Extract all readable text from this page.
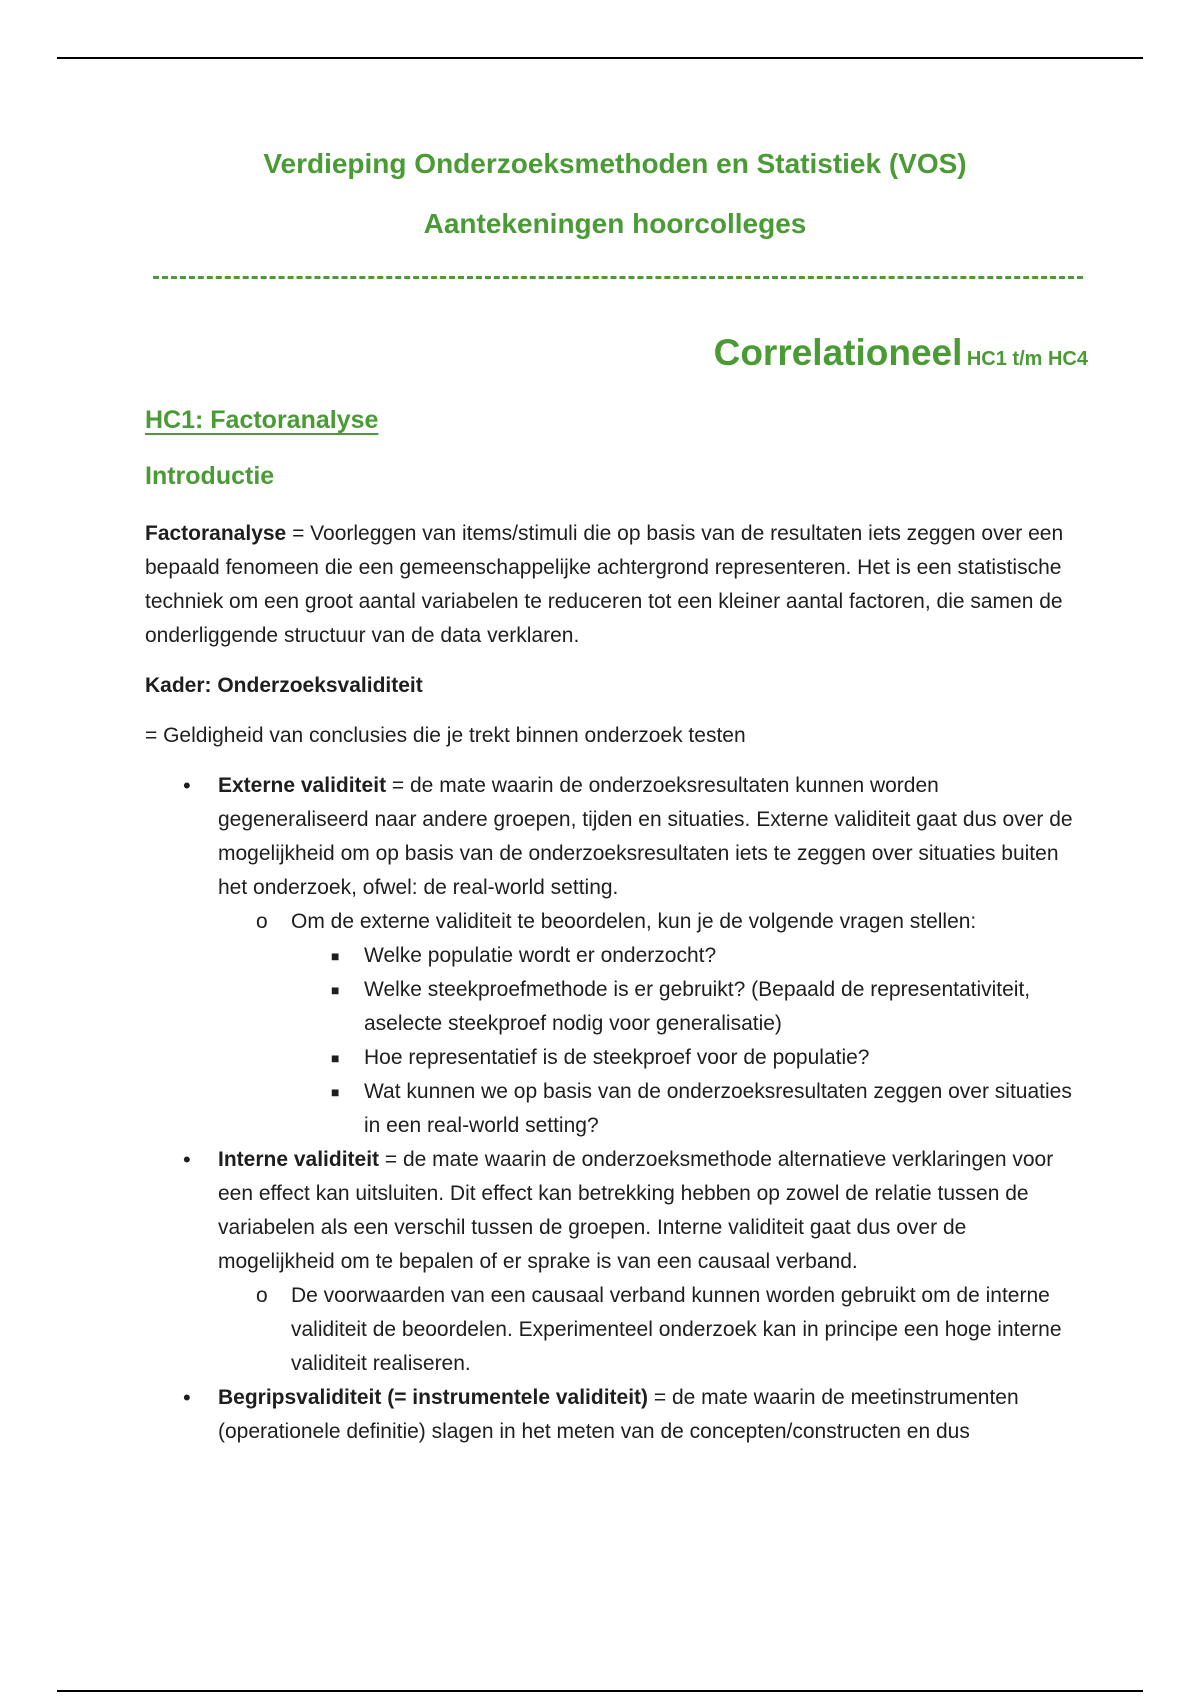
Verdieping Onderzoeksmethoden en Statistiek (VOS)
Aantekeningen hoorcolleges
Correlationeel HC1 t/m HC4
HC1: Factoranalyse
Introductie

Factoranalyse = Voorleggen van items/stimuli die op basis van de resultaten iets zeggen over een bepaald fenomeen die een gemeenschappelijke achtergrond representeren. Het is een statistische techniek om een groot aantal variabelen te reduceren tot een kleiner aantal factoren, die samen de onderliggende structuur van de data verklaren.

Kader: Onderzoeksvaliditeit

= Geldigheid van conclusies die je trekt binnen onderzoek testen

• Externe validiteit = de mate waarin de onderzoeksresultaten kunnen worden gegeneraliseerd naar andere groepen, tijden en situaties. Externe validiteit gaat dus over de mogelijkheid om op basis van de onderzoeksresultaten iets te zeggen over situaties buiten het onderzoek, ofwel: de real-world setting.
o Om de externe validiteit te beoordelen, kun je de volgende vragen stellen:
■ Welke populatie wordt er onderzocht?
■ Welke steekproefmethode is er gebruikt? (Bepaald de representativiteit, aselecte steekproef nodig voor generalisatie)
■ Hoe representatief is de steekproef voor de populatie?
■ Wat kunnen we op basis van de onderzoeksresultaten zeggen over situaties in een real-world setting?
• Interne validiteit = de mate waarin de onderzoeksmethode alternatieve verklaringen voor een effect kan uitsluiten. Dit effect kan betrekking hebben op zowel de relatie tussen de variabelen als een verschil tussen de groepen. Interne validiteit gaat dus over de mogelijkheid om te bepalen of er sprake is van een causaal verband.
o De voorwaarden van een causaal verband kunnen worden gebruikt om de interne validiteit de beoordelen. Experimenteel onderzoek kan in principe een hoge interne validiteit realiseren.
• Begripsvaliditeit (= instrumentele validiteit) = de mate waarin de meetinstrumenten (operationele definitie) slagen in het meten van de concepten/constructen en dus
